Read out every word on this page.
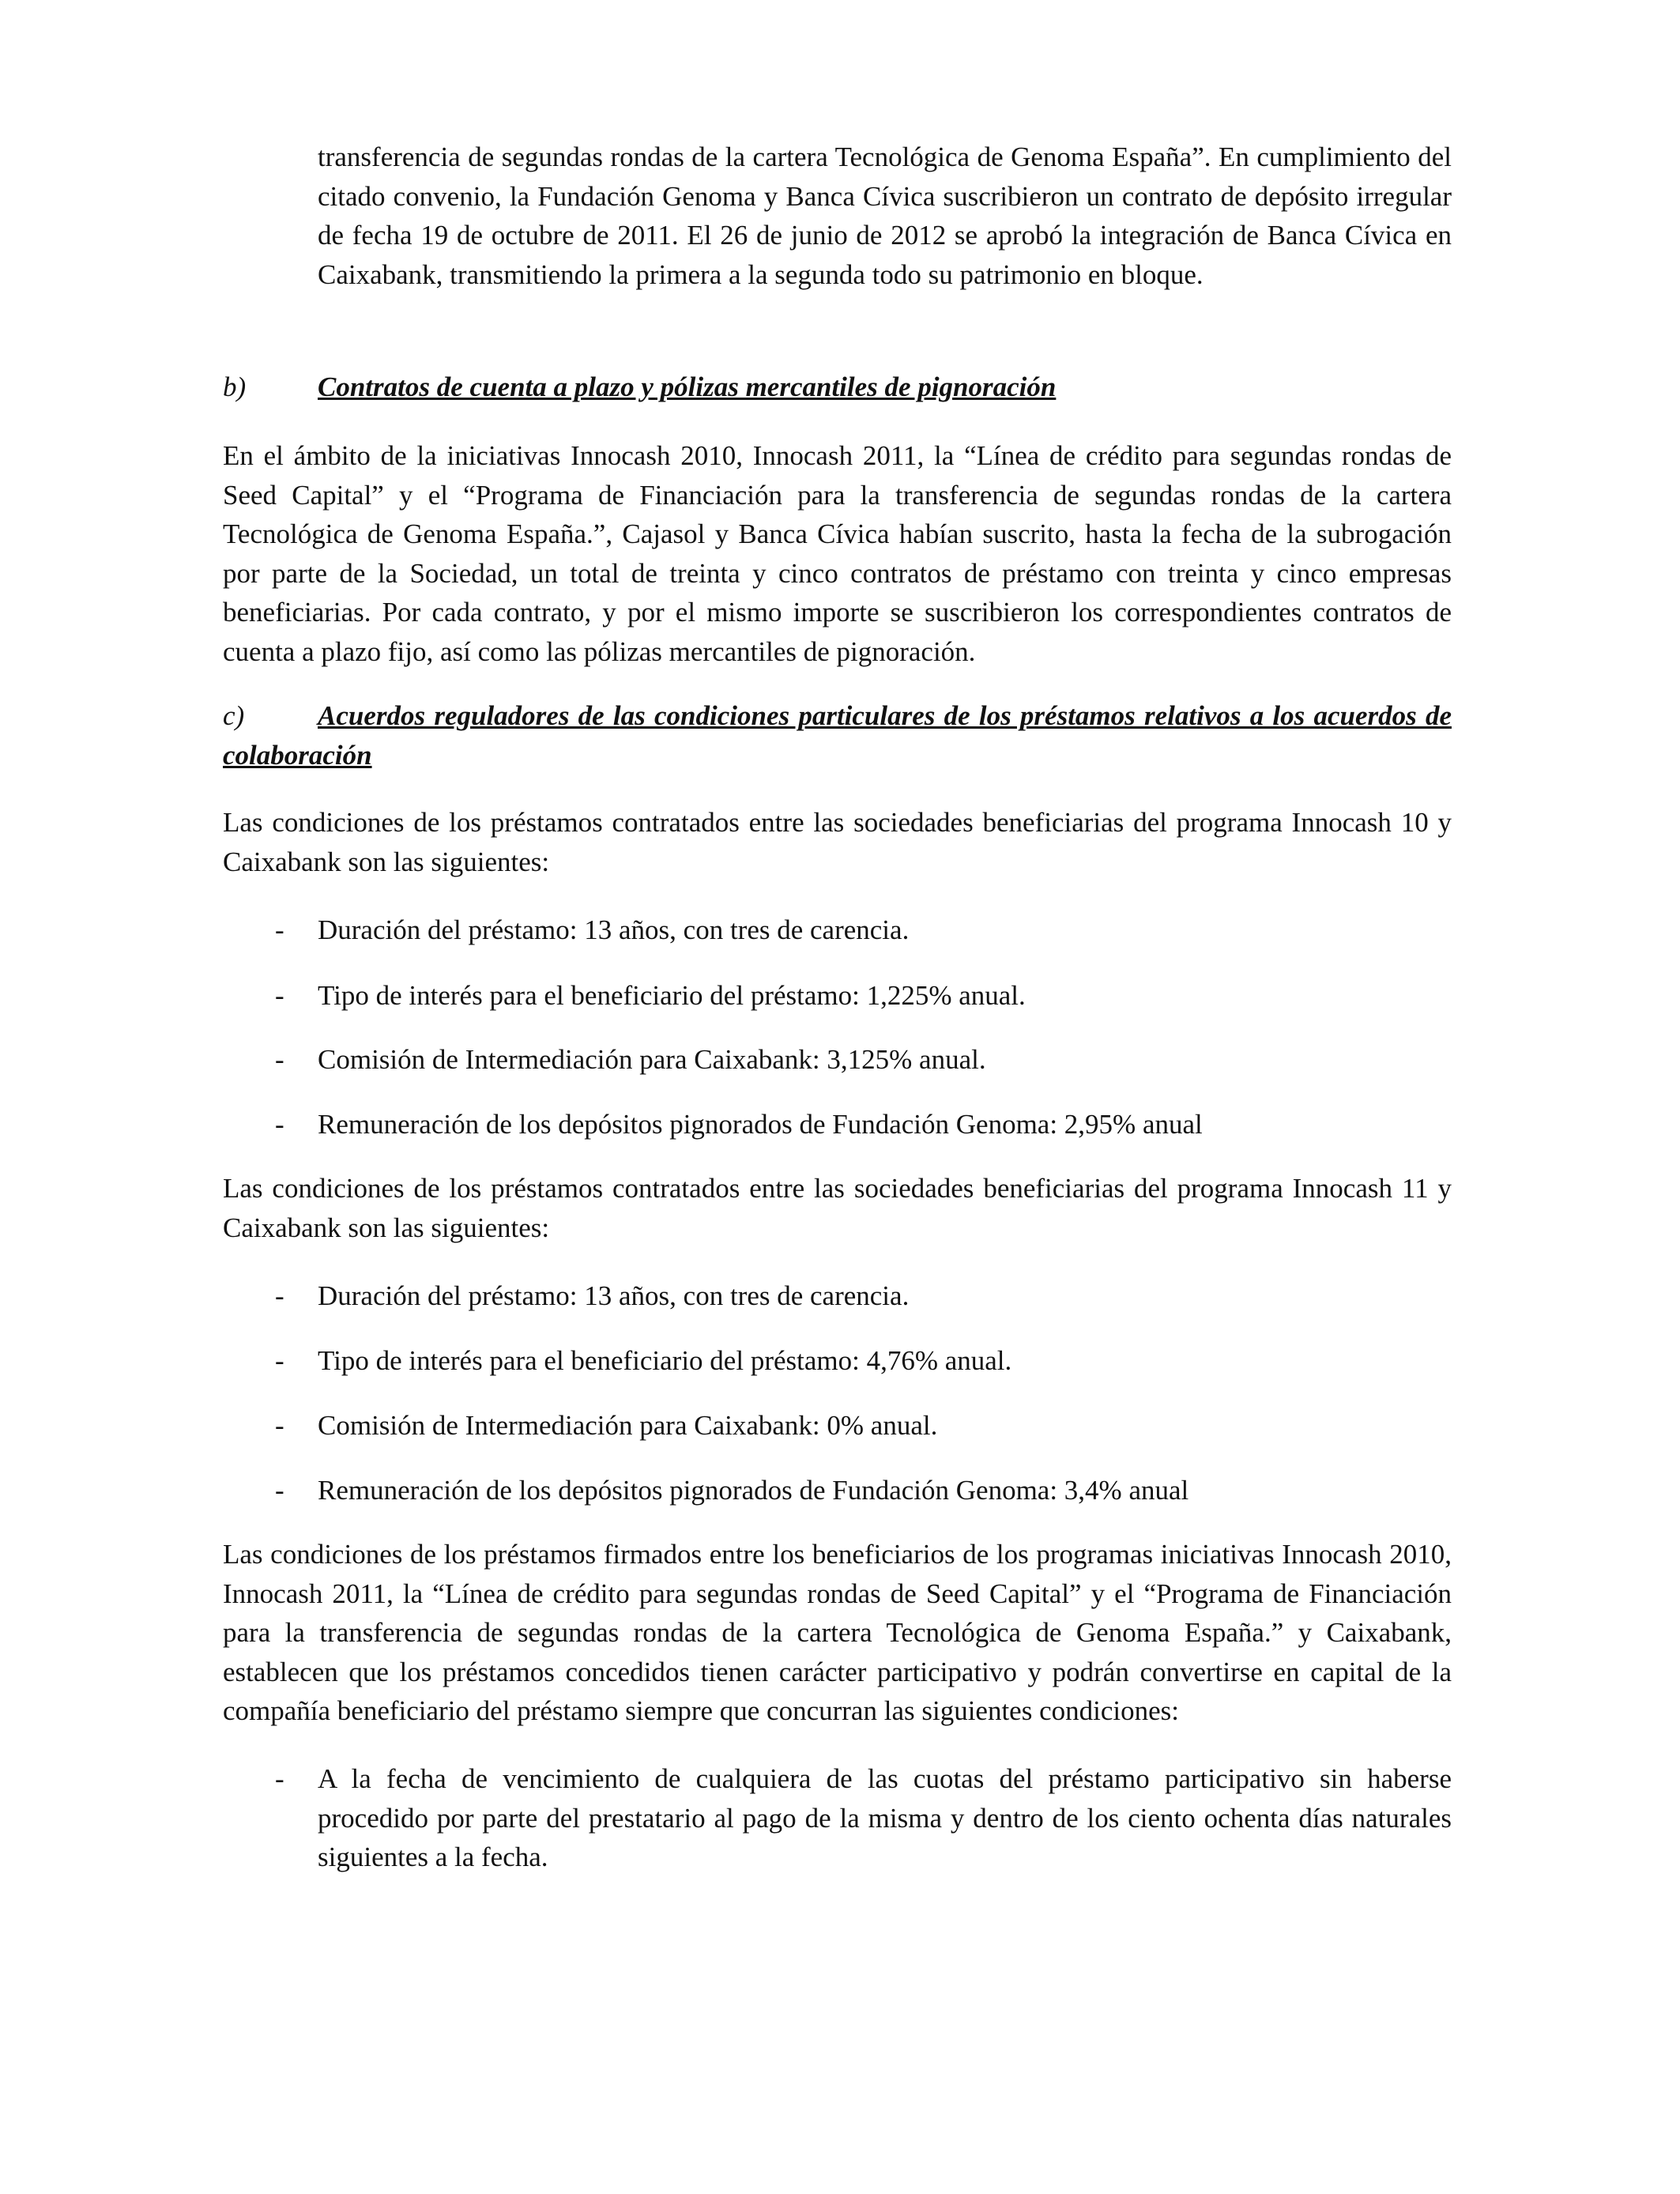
transferencia de segundas rondas de la cartera Tecnológica de Genoma España”. En cumplimiento del citado convenio, la Fundación Genoma y Banca Cívica suscribieron un contrato de depósito irregular de fecha 19 de octubre de 2011. El 26 de junio de 2012 se aprobó la integración de Banca Cívica en Caixabank, transmitiendo la primera a la segunda todo su patrimonio en bloque.

b)	Contratos de cuenta a plazo y pólizas mercantiles de pignoración

En el ámbito de la iniciativas Innocash 2010, Innocash 2011, la “Línea de crédito para segundas rondas de Seed Capital” y el “Programa de Financiación para la transferencia de segundas rondas de la cartera Tecnológica de Genoma España.”, Cajasol y Banca Cívica habían suscrito, hasta la fecha de la subrogación por parte de la Sociedad, un total de treinta y cinco contratos de préstamo con treinta y cinco empresas beneficiarias. Por cada contrato, y por el mismo importe se suscribieron los correspondientes contratos de cuenta a plazo fijo, así como las pólizas mercantiles de pignoración.

c)	Acuerdos reguladores de las condiciones particulares de los préstamos relativos a los acuerdos de colaboración

Las condiciones de los préstamos contratados entre las sociedades beneficiarias del programa Innocash 10 y Caixabank son las siguientes:

- Duración del préstamo: 13 años, con tres de carencia.
- Tipo de interés para el beneficiario del préstamo: 1,225% anual.
- Comisión de Intermediación para Caixabank: 3,125% anual.
- Remuneración de los depósitos pignorados de Fundación Genoma: 2,95% anual

Las condiciones de los préstamos contratados entre las sociedades beneficiarias del programa Innocash 11 y Caixabank son las siguientes:

- Duración del préstamo: 13 años, con tres de carencia.
- Tipo de interés para el beneficiario del préstamo: 4,76% anual.
- Comisión de Intermediación para Caixabank: 0% anual.
- Remuneración de los depósitos pignorados de Fundación Genoma: 3,4% anual

Las condiciones de los préstamos firmados entre los beneficiarios de los programas iniciativas Innocash 2010, Innocash 2011, la “Línea de crédito para segundas rondas de Seed Capital” y el “Programa de Financiación para la transferencia de segundas rondas de la cartera Tecnológica de Genoma España.” y Caixabank, establecen que los préstamos concedidos tienen carácter participativo y podrán convertirse en capital de la compañía beneficiario del préstamo siempre que concurran las siguientes condiciones:

- A la fecha de vencimiento de cualquiera de las cuotas del préstamo participativo sin haberse procedido por parte del prestatario al pago de la misma y dentro de los ciento ochenta días naturales siguientes a la fecha.
